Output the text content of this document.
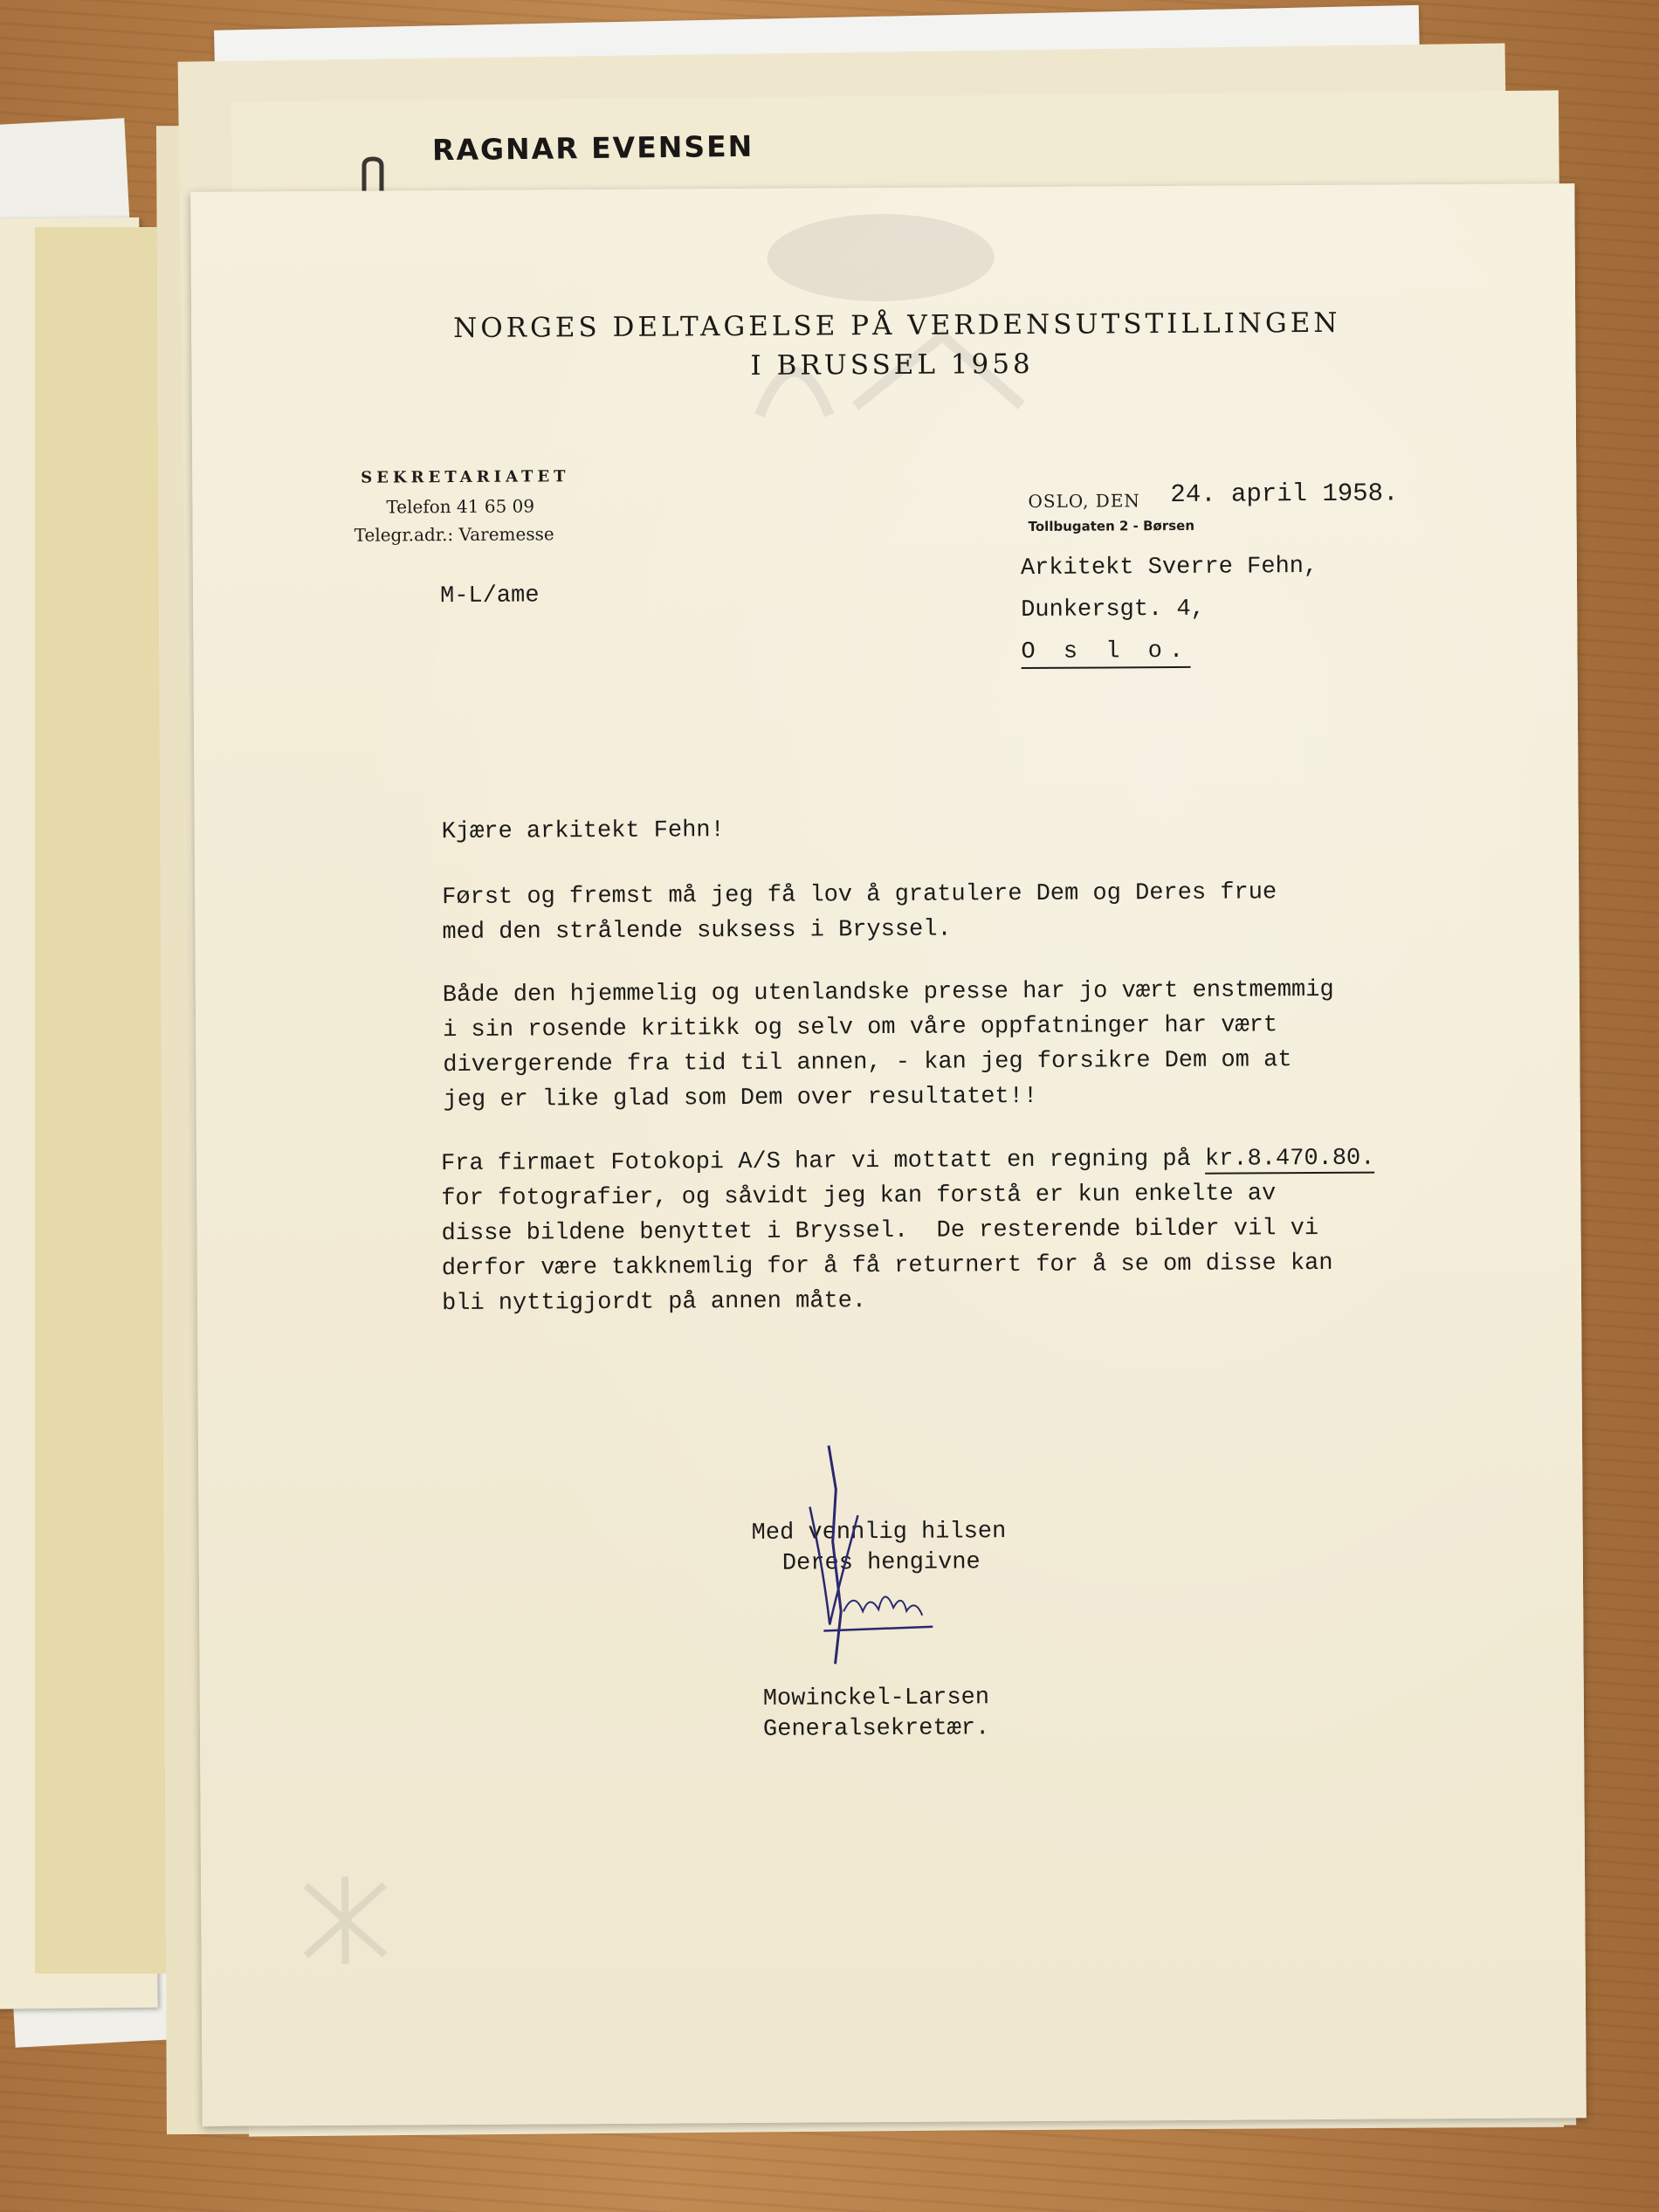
RAGNAR EVENSEN
NORGES DELTAGELSE PÅ VERDENSUTSTILLINGEN
I BRUSSEL 1958
SEKRETARIATET
Telefon 41 65 09
Telegr.adr.: Varemesse
M-L/ame
OSLO, DEN 24. april 1958.
Tollbugaten 2 - Børsen
Arkitekt Sverre Fehn,
Dunkersgt. 4,
O s l o.
Kjære arkitekt Fehn!
Først og fremst må jeg få lov å gratulere Dem og Deres frue
med den strålende suksess i Bryssel.
Både den hjemmelig og utenlandske presse har jo vært enstmemmig
i sin rosende kritikk og selv om våre oppfatninger har vært
divergerende fra tid til annen, - kan jeg forsikre Dem om at
jeg er like glad som Dem over resultatet!!
Fra firmaet Fotokopi A/S har vi mottatt en regning på kr.8.470.80.
for fotografier, og såvidt jeg kan forstå er kun enkelte av
disse bildene benyttet i Bryssel.  De resterende bilder vil vi
derfor være takknemlig for å få returnert for å se om disse kan
bli nyttigjordt på annen måte.
Med vennlig hilsen
Deres hengivne
Mowinckel-Larsen
Generalsekretær.
